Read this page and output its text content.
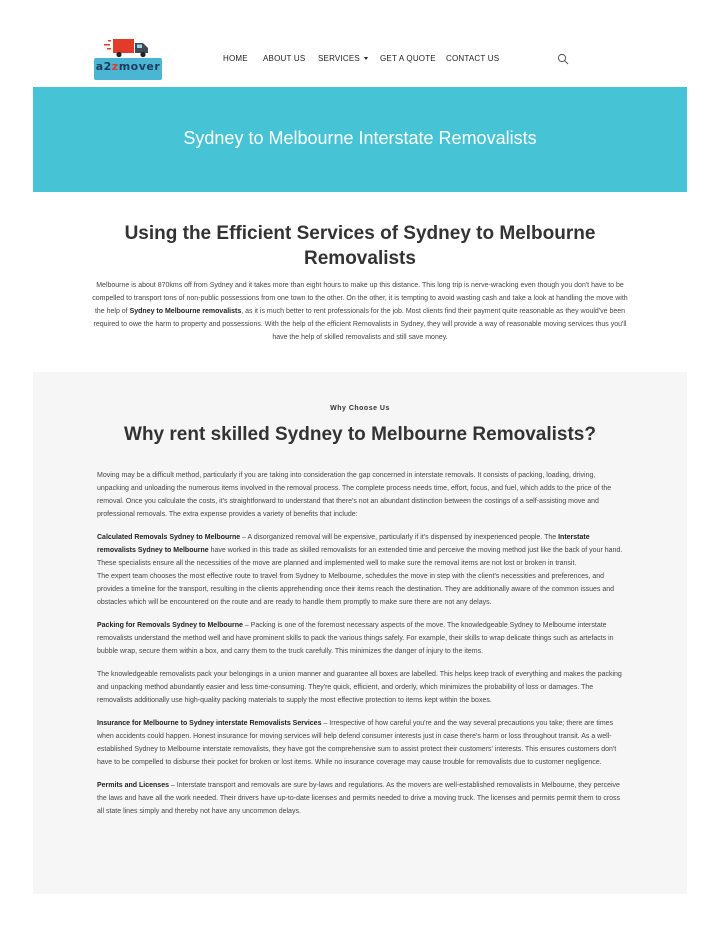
a2zmover
HOME ABOUT US SERVICES	GET A QUOTE CONTACT US
Sydney to Melbourne Interstate Removalists
Using the Efficient Services of Sydney to Melbourne Removalists

Melbourne is about 870kms off from Sydney and it takes more than eight hours to make up this distance. This long trip is nerve-wracking even though you don't have to be compelled to transport tons of non-public possessions from one town to the other. On the other, it is tempting to avoid wasting cash and take a look at handling the move with the help of Sydney to Melbourne removalists, as it is much better to rent professionals for the job. Most clients find their payment quite reasonable as they would've been required to owe the harm to property and possessions. With the help of the efficient Removalists in Sydney, they will provide a way of reasonable moving services thus you'll have the help of skilled removalists and still save money.

Why Choose Us
Why rent skilled Sydney to Melbourne Removalists?

Moving may be a difficult method, particularly if you are taking into consideration the gap concerned in interstate removals. It consists of packing, loading, driving, unpacking and unloading the numerous items involved in the removal process. The complete process needs time, effort, focus, and fuel, which adds to the price of the removal. Once you calculate the costs, it's straightforward to understand that there's not an abundant distinction between the costings of a self-assisting move and professional removals. The extra expense provides a variety of benefits that include:

Calculated Removals Sydney to Melbourne – A disorganized removal will be expensive, particularly if it's dispensed by inexperienced people. The Interstate removalists Sydney to Melbourne have worked in this trade as skilled removalists for an extended time and perceive the moving method just like the back of your hand. These specialists ensure all the necessities of the move are planned and implemented well to make sure the removal items are not lost or broken in transit.

The expert team chooses the most effective route to travel from Sydney to Melbourne, schedules the move in step with the client's necessities and preferences, and provides a timeline for the transport, resulting in the clients apprehending once their items reach the destination. They are additionally aware of the common issues and obstacles which will be encountered on the route and are ready to handle them promptly to make sure there are not any delays.

Packing for Removals Sydney to Melbourne – Packing is one of the foremost necessary aspects of the move. The knowledgeable Sydney to Melbourne interstate removalists understand the method well and have prominent skills to pack the various things safely. For example, their skills to wrap delicate things such as artefacts in bubble wrap, secure them within a box, and carry them to the truck carefully. This minimizes the danger of injury to the items.

The knowledgeable removalists pack your belongings in a union manner and guarantee all boxes are labelled. This helps keep track of everything and makes the packing and unpacking method abundantly easier and less time-consuming. They're quick, efficient, and orderly, which minimizes the probability of loss or damages. The removalists additionally use high-quality packing materials to supply the most effective protection to items kept within the boxes.

Insurance for Melbourne to Sydney interstate Removalists Services – Irrespective of how careful you're and the way several precautions you take; there are times when accidents could happen. Honest insurance for moving services will help defend consumer interests just in case there's harm or loss throughout transit. As a well-established Sydney to Melbourne interstate removalists, they have got the comprehensive sum to assist protect their customers' interests. This ensures customers don't have to be compelled to disburse their pocket for broken or lost items. While no insurance coverage may cause trouble for removalists due to customer negligence.

Permits and Licenses – Interstate transport and removals are sure by-laws and regulations. As the movers are well-established removalists in Melbourne, they perceive the laws and have all the work needed. Their drivers have up-to-date licenses and permits needed to drive a moving truck. The licenses and permits permit them to cross all state lines simply and thereby not have any uncommon delays.
